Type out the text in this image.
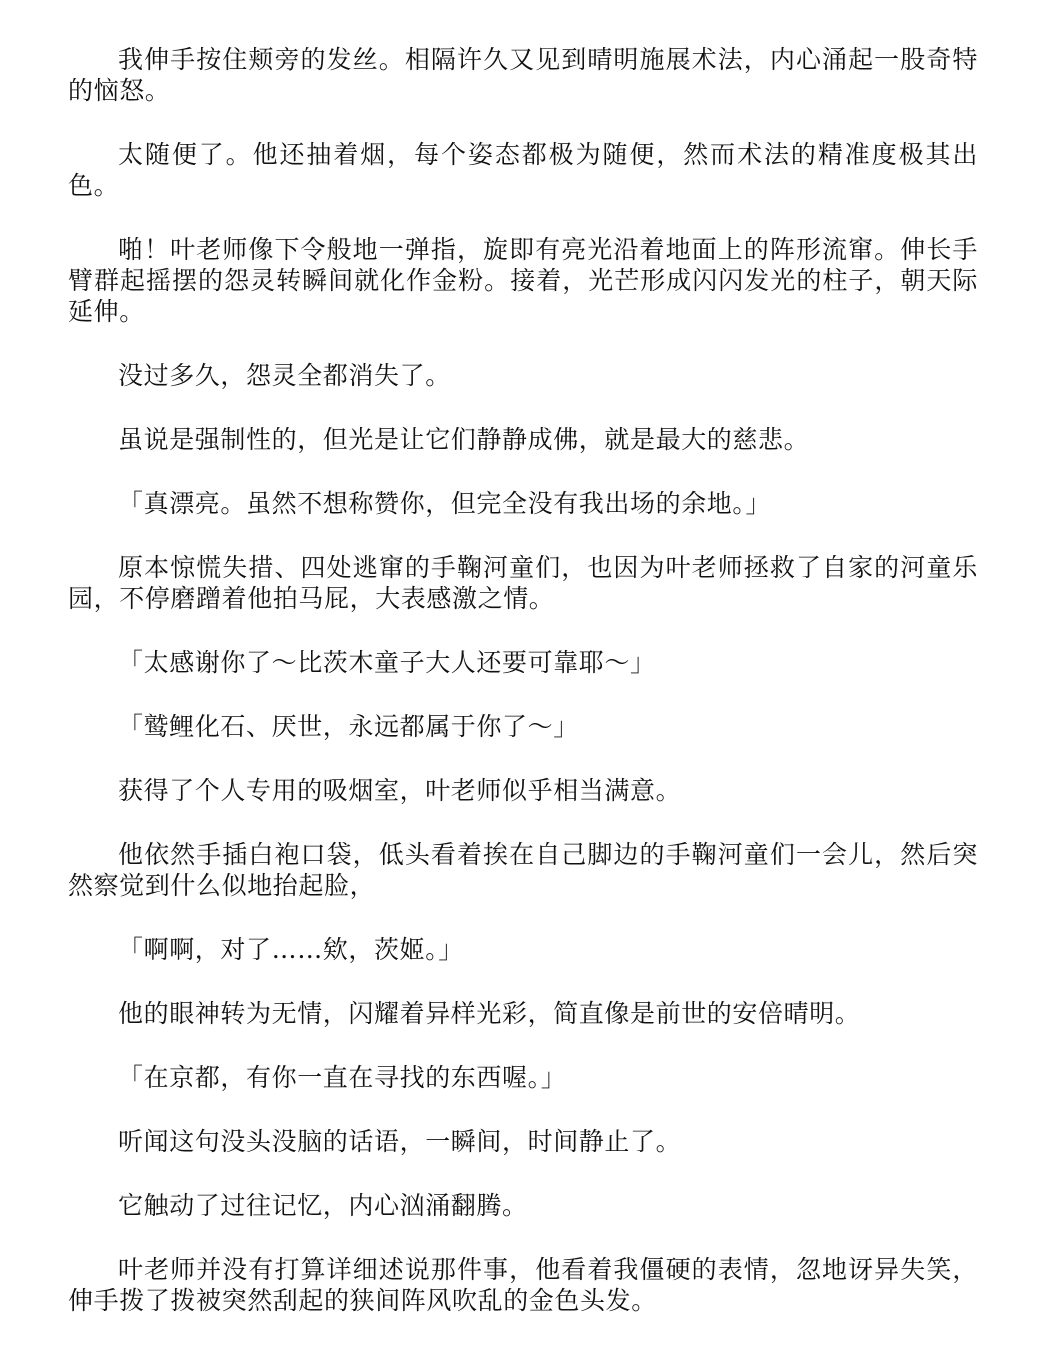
我伸手按住颊旁的发丝。相隔许久又见到晴明施展术法，内心涌起一股奇特的恼怒。

太随便了。他还抽着烟，每个姿态都极为随便，然而术法的精准度极其出色。

啪！叶老师像下令般地一弹指，旋即有亮光沿着地面上的阵形流窜。伸长手臂群起摇摆的怨灵转瞬间就化作金粉。接着，光芒形成闪闪发光的柱子，朝天际延伸。

没过多久，怨灵全都消失了。

虽说是强制性的，但光是让它们静静成佛，就是最大的慈悲。

「真漂亮。虽然不想称赞你，但完全没有我出场的余地。」

原本惊慌失措、四处逃窜的手鞠河童们，也因为叶老师拯救了自家的河童乐园，不停磨蹭着他拍马屁，大表感激之情。

「太感谢你了～比茨木童子大人还要可靠耶～」

「鹫鲤化石、厌世，永远都属于你了～」

获得了个人专用的吸烟室，叶老师似乎相当满意。

他依然手插白袍口袋，低头看着挨在自己脚边的手鞠河童们一会儿，然后突然察觉到什么似地抬起脸，

「啊啊，对了……欸，茨姬。」

他的眼神转为无情，闪耀着异样光彩，简直像是前世的安倍晴明。

「在京都，有你一直在寻找的东西喔。」

听闻这句没头没脑的话语，一瞬间，时间静止了。

它触动了过往记忆，内心汹涌翻腾。

叶老师并没有打算详细述说那件事，他看着我僵硬的表情，忽地讶异失笑，伸手拨了拨被突然刮起的狭间阵风吹乱的金色头发。
